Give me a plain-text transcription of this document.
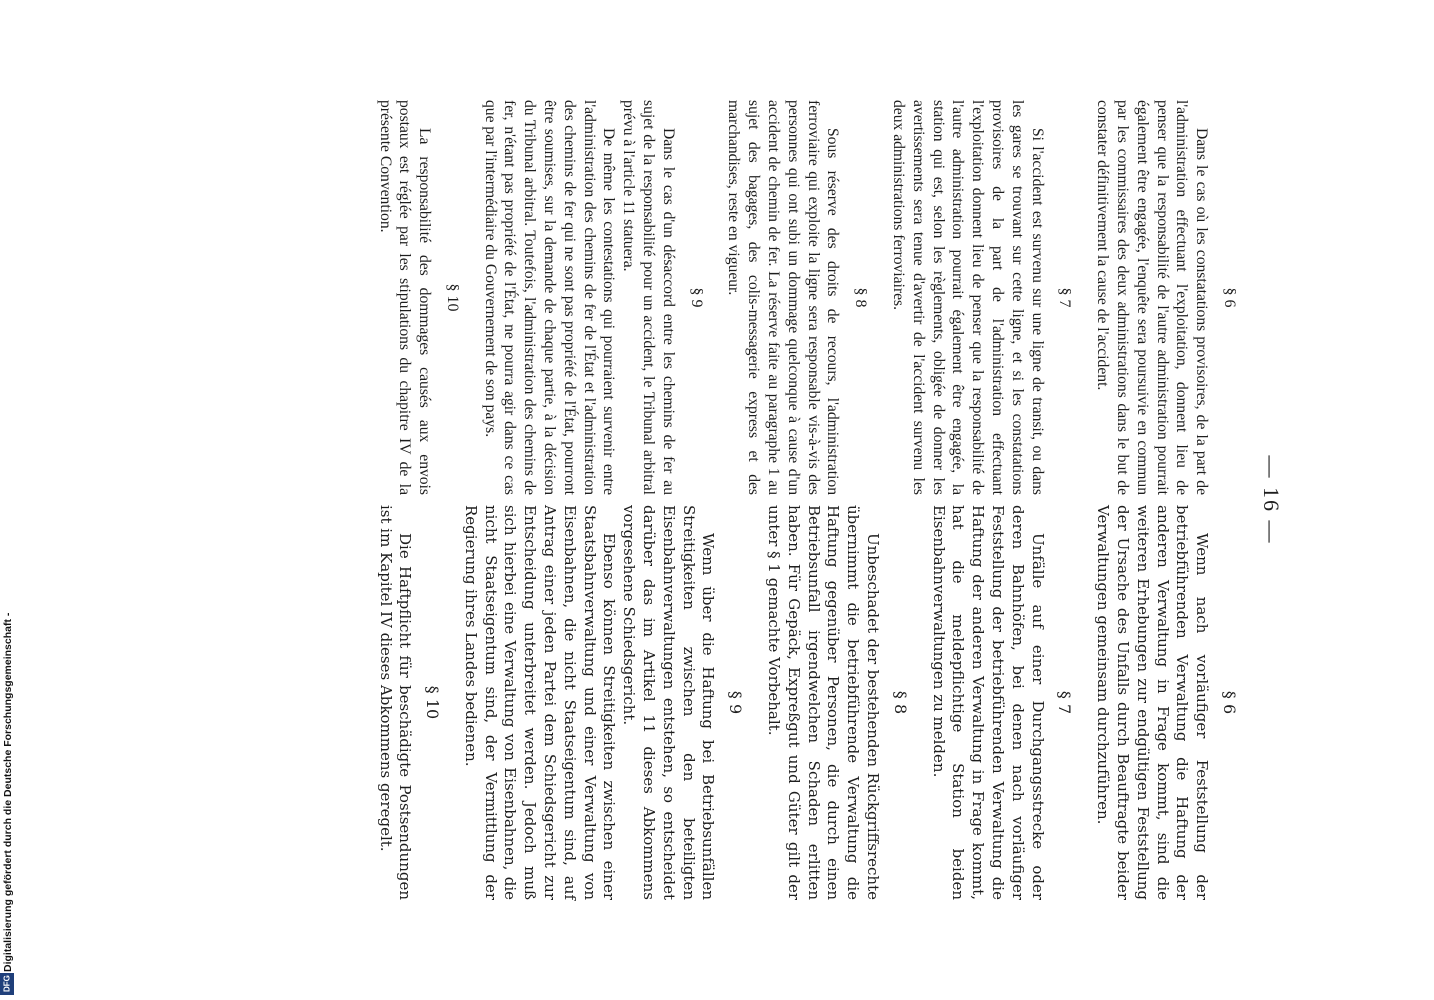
— 16 —
§ 6

Dans le cas où les constatations provisoires, de la part de l'administration effectuant l'exploitation, donnent lieu de penser que la responsabilité de l'autre administration pourrait également être engagée, l'enquête sera poursuivie en commun par les commissaires des deux administrations dans le but de constater définitivement la cause de l'accident.

§ 7

Si l'accident est survenu sur une ligne de transit, ou dans les gares se trouvant sur cette ligne, et si les constatations provisoires de la part de l'administration effectuant l'exploitation donnent lieu de penser que la responsabilité de l'autre administration pourrait également être engagée, la station qui est, selon les règlements, obligée de donner les avertissements sera tenue d'avertir de l'accident survenu les deux administrations ferroviaires.

§ 8

Sous réserve des droits de recours, l'administration ferroviaire qui exploite la ligne sera responsable vis-à-vis des personnes qui ont subi un dommage quelconque à cause d'un accident de chemin de fer. La réserve faite au paragraphe 1 au sujet des bagages, des colis-messagerie express et des marchandises, reste en vigueur.

§ 9

Dans le cas d'un désaccord entre les chemins de fer au sujet de la responsabilité pour un accident, le Tribunal arbitral prévu à l'article 11 statuera.

De même les contestations qui pourraient survenir entre l'administration des chemins de fer de l'État et l'administration des chemins de fer qui ne sont pas propriété de l'État, pourront être soumises, sur la demande de chaque partie, à la décision du Tribunal arbitral. Toutefois, l'administration des chemins de fer, n'étant pas propriété de l'État, ne pourra agir dans ce cas que par l'intermédiaire du Gouvernement de son pays.

§ 10

La responsabilité des dommages causés aux envois postaux est réglée par les stipulations du chapitre IV de la présente Convention.

§ 6

Wenn nach vorläufiger Feststellung der betriebführenden Verwaltung die Haftung der anderen Verwaltung in Frage kommt, sind die weiteren Erhebungen zur endgültigen Feststellung der Ursache des Unfalls durch Beauftragte beider Verwaltungen gemeinsam durchzuführen.

§ 7

Unfälle auf einer Durchgangsstrecke oder deren Bahnhöfen, bei denen nach vorläufiger Feststellung der betriebführenden Verwaltung die Haftung der anderen Verwaltung in Frage kommt, hat die meldepflichtige Station beiden Eisenbahnverwaltungen zu melden.

§ 8

Unbeschadet der bestehenden Rückgriffsrechte übernimmt die betriebführende Verwaltung die Haftung gegenüber Personen, die durch einen Betriebsunfall irgendwelchen Schaden erlitten haben. Für Gepäck, Expreßgut und Güter gilt der unter § 1 gemachte Vorbehalt.

§ 9

Wenn über die Haftung bei Betriebsunfällen Streitigkeiten zwischen den beteiligten Eisenbahnverwaltungen entstehen, so entscheidet darüber das im Artikel 11 dieses Abkommens vorgesehene Schiedsgericht.

Ebenso können Streitigkeiten zwischen einer Staatsbahnverwaltung und einer Verwaltung von Eisenbahnen, die nicht Staatseigentum sind, auf Antrag einer jeden Partei dem Schiedsgericht zur Entscheidung unterbreitet werden. Jedoch muß sich hierbei eine Verwaltung von Eisenbahnen, die nicht Staatseigentum sind, der Vermittlung der Regierung ihres Landes bedienen.

§ 10

Die Haftpflicht für beschädigte Postsendungen ist im Kapitel IV dieses Abkommens geregelt.

Digitalisierung gefördert durch die Deutsche Forschungsgemeinschaft -
DFG
